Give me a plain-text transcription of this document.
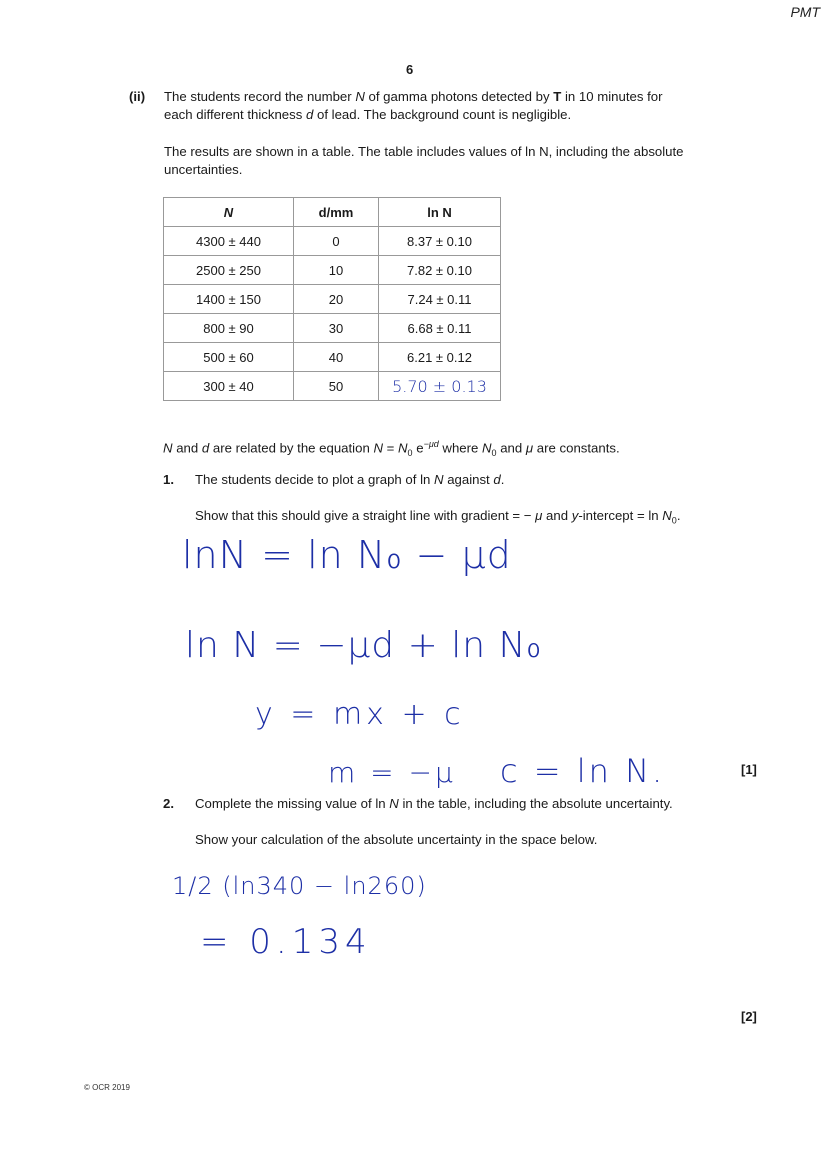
PMT
6
(ii) The students record the number N of gamma photons detected by T in 10 minutes for
each different thickness d of lead. The background count is negligible.
The results are shown in a table. The table includes values of ln N, including the absolute
uncertainties.
N	d/mm	ln N
4300 ± 440	0	8.37 ± 0.10
2500 ± 250	10	7.82 ± 0.10
1400 ± 150	20	7.24 ± 0.11
800 ± 90	30	6.68 ± 0.11
500 ± 60	40	6.21 ± 0.12
300 ± 40	50	5.70 ± 0.13
N and d are related by the equation $N = N_0$ $e^{-\mu d}$ where $N_0$ and μ are constants.
1. The students decide to plot a graph of ln N against d.
Show that this should give a straight line with gradient = − μ and y-intercept = $\ln N_0$.
lnN = ln N₀ − μd
ln N = −μd + ln N₀
y = mx + c
m = −μ c = ln N.	[1]
2. Complete the missing value of ln N in the table, including the absolute uncertainty.
Show your calculation of the absolute uncertainty in the space below.
1/2 (ln340 − ln260)
= 0.134
[2]
© OCR 2019
